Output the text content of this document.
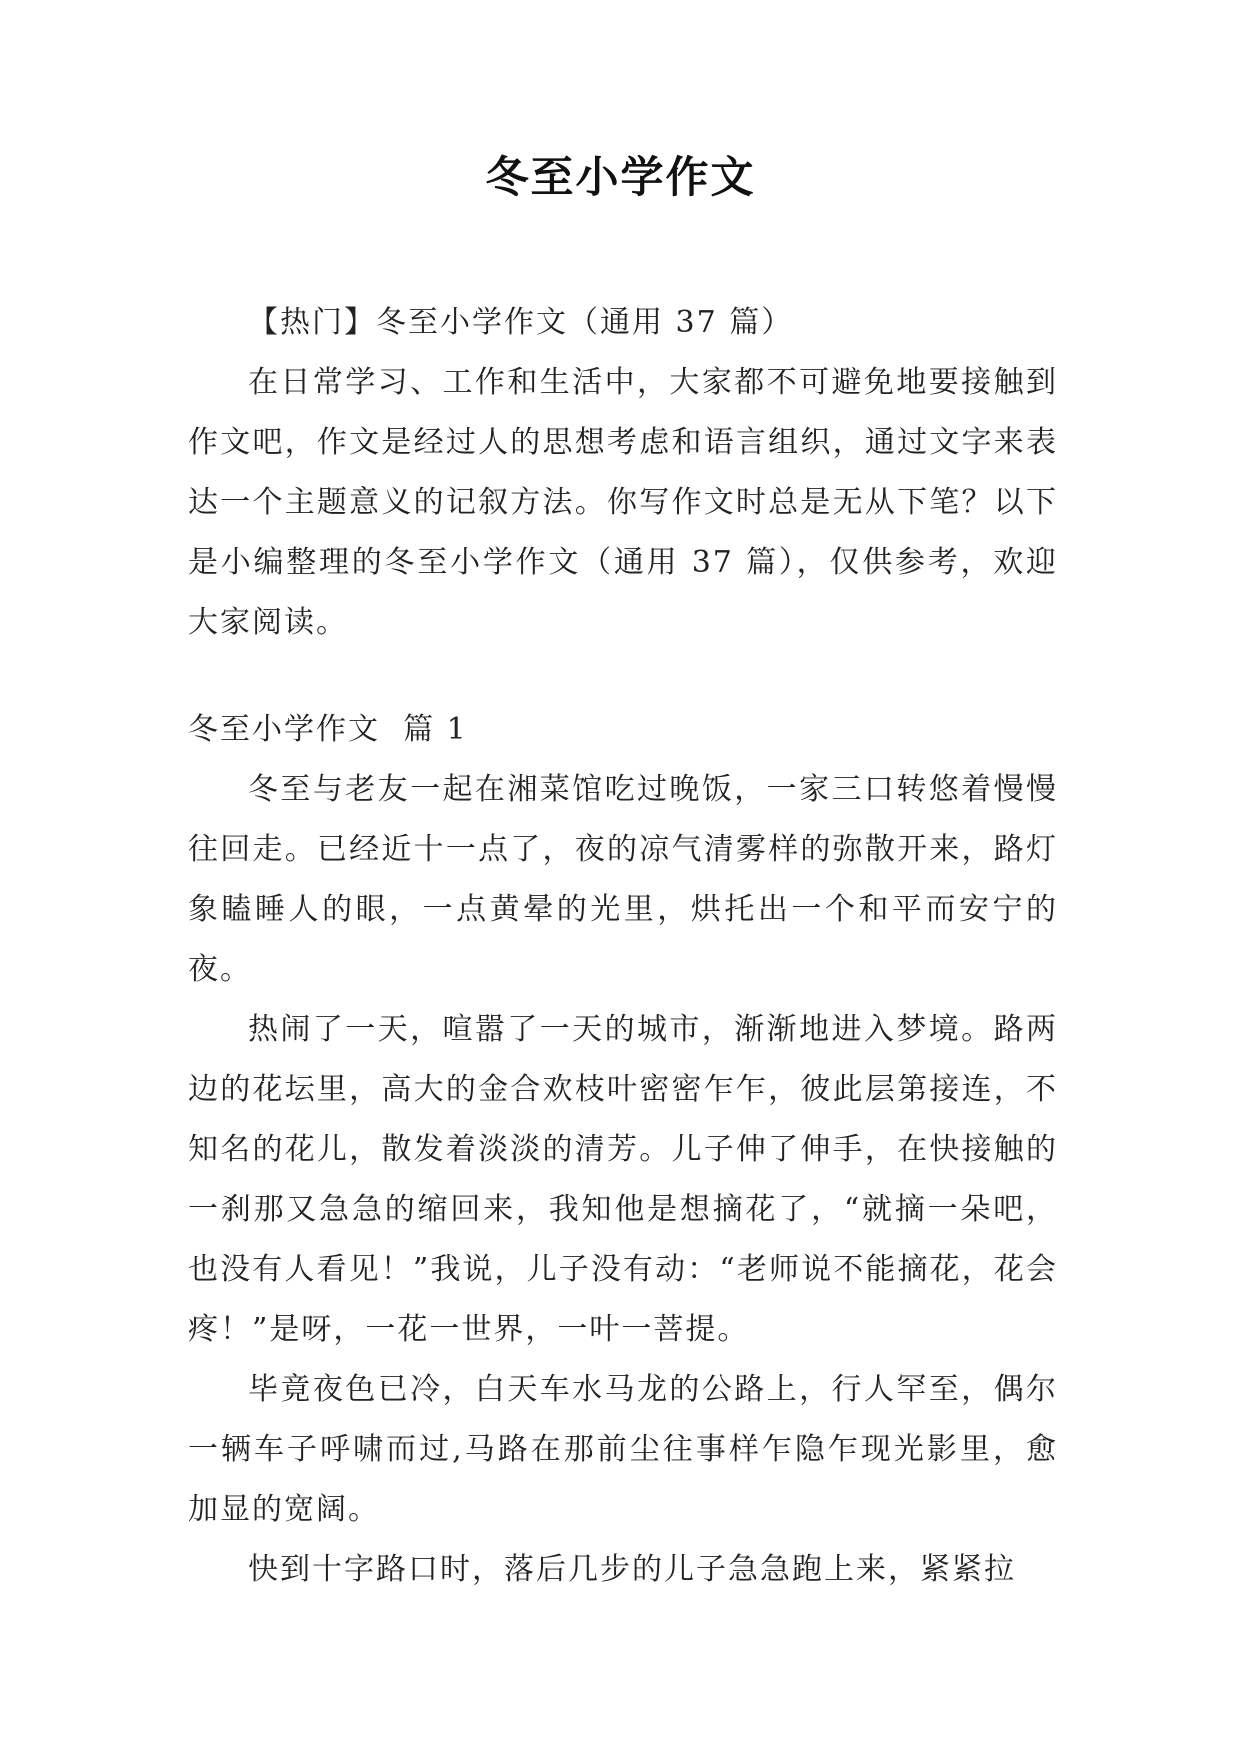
冬至小学作文

【热门】冬至小学作文（通用 37 篇）

在日常学习、工作和生活中，大家都不可避免地要接触到作文吧，作文是经过人的思想考虑和语言组织，通过文字来表达一个主题意义的记叙方法。你写作文时总是无从下笔？以下是小编整理的冬至小学作文（通用 37 篇），仅供参考，欢迎大家阅读。

冬至小学作文  篇 1

冬至与老友一起在湘菜馆吃过晚饭，一家三口转悠着慢慢往回走。已经近十一点了，夜的凉气清雾样的弥散开来，路灯象瞌睡人的眼，一点黄晕的光里，烘托出一个和平而安宁的夜。

热闹了一天，喧嚣了一天的城市，渐渐地进入梦境。路两边的花坛里，高大的金合欢枝叶密密乍乍，彼此层第接连，不知名的花儿，散发着淡淡的清芳。儿子伸了伸手，在快接触的一刹那又急急的缩回来，我知他是想摘花了，“就摘一朵吧，也没有人看见！”我说，儿子没有动：“老师说不能摘花，花会疼！”是呀，一花一世界，一叶一菩提。

毕竟夜色已冷，白天车水马龙的公路上，行人罕至，偶尔一辆车子呼啸而过,马路在那前尘往事样乍隐乍现光影里，愈加显的宽阔。

快到十字路口时，落后几步的儿子急急跑上来，紧紧拉
